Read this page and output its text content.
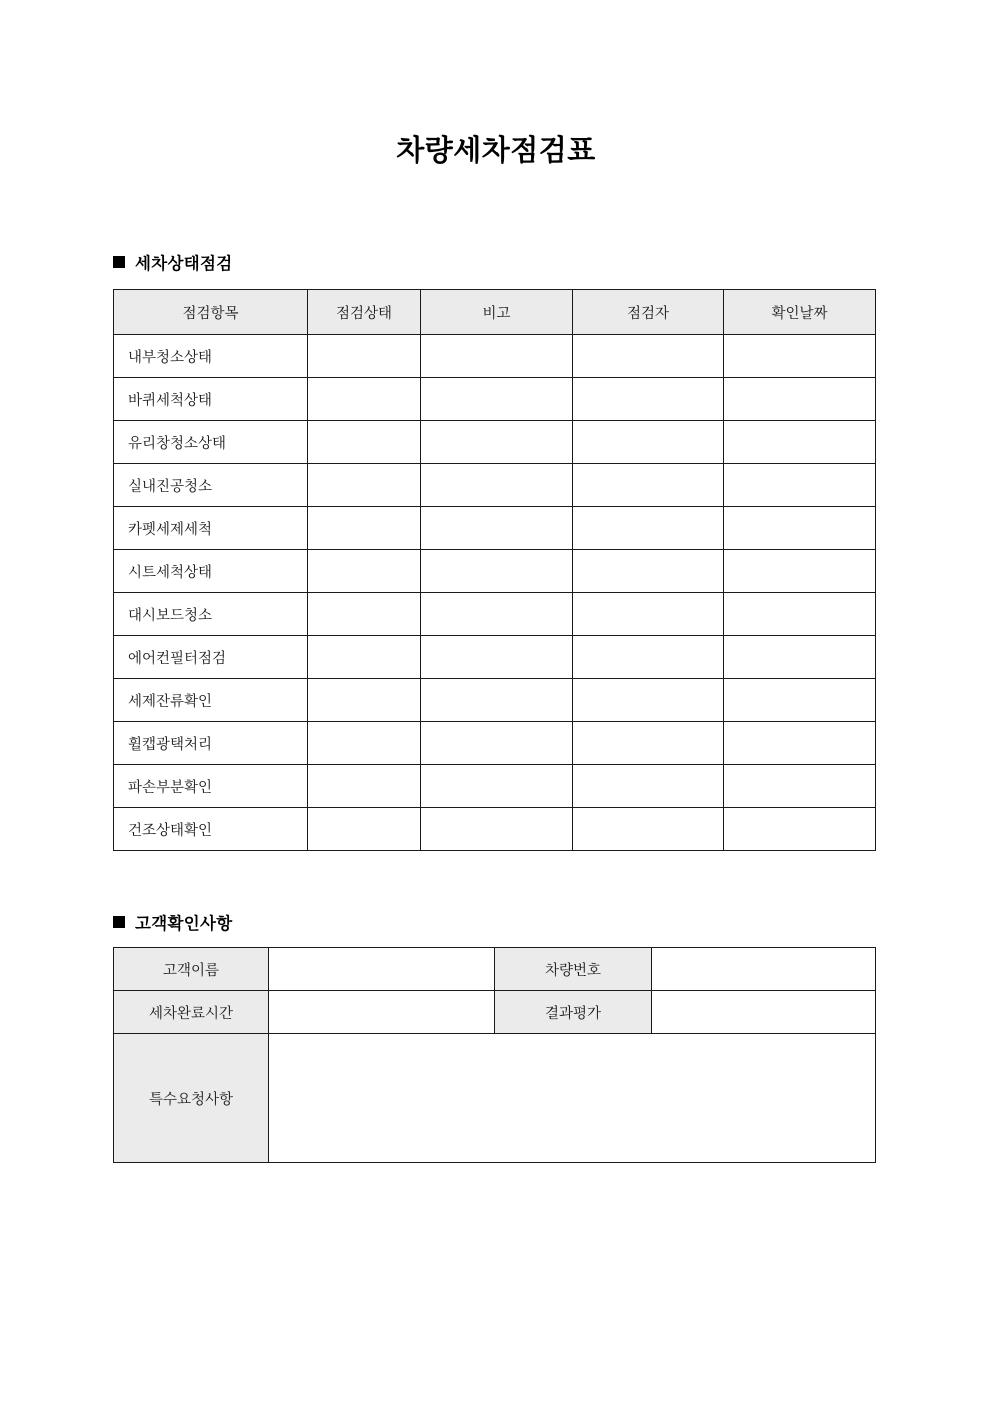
차량세차점검표
세차상태점검
점검항목	점검상태	비고	점검자	확인날짜
내부청소상태				
바퀴세척상태				
유리창청소상태				
실내진공청소				
카펫세제세척				
시트세척상태				
대시보드청소				
에어컨필터점검				
세제잔류확인				
휠캡광택처리				
파손부분확인				
건조상태확인				
고객확인사항
고객이름		차량번호	
세차완료시간		결과평가	
특수요청사항			
